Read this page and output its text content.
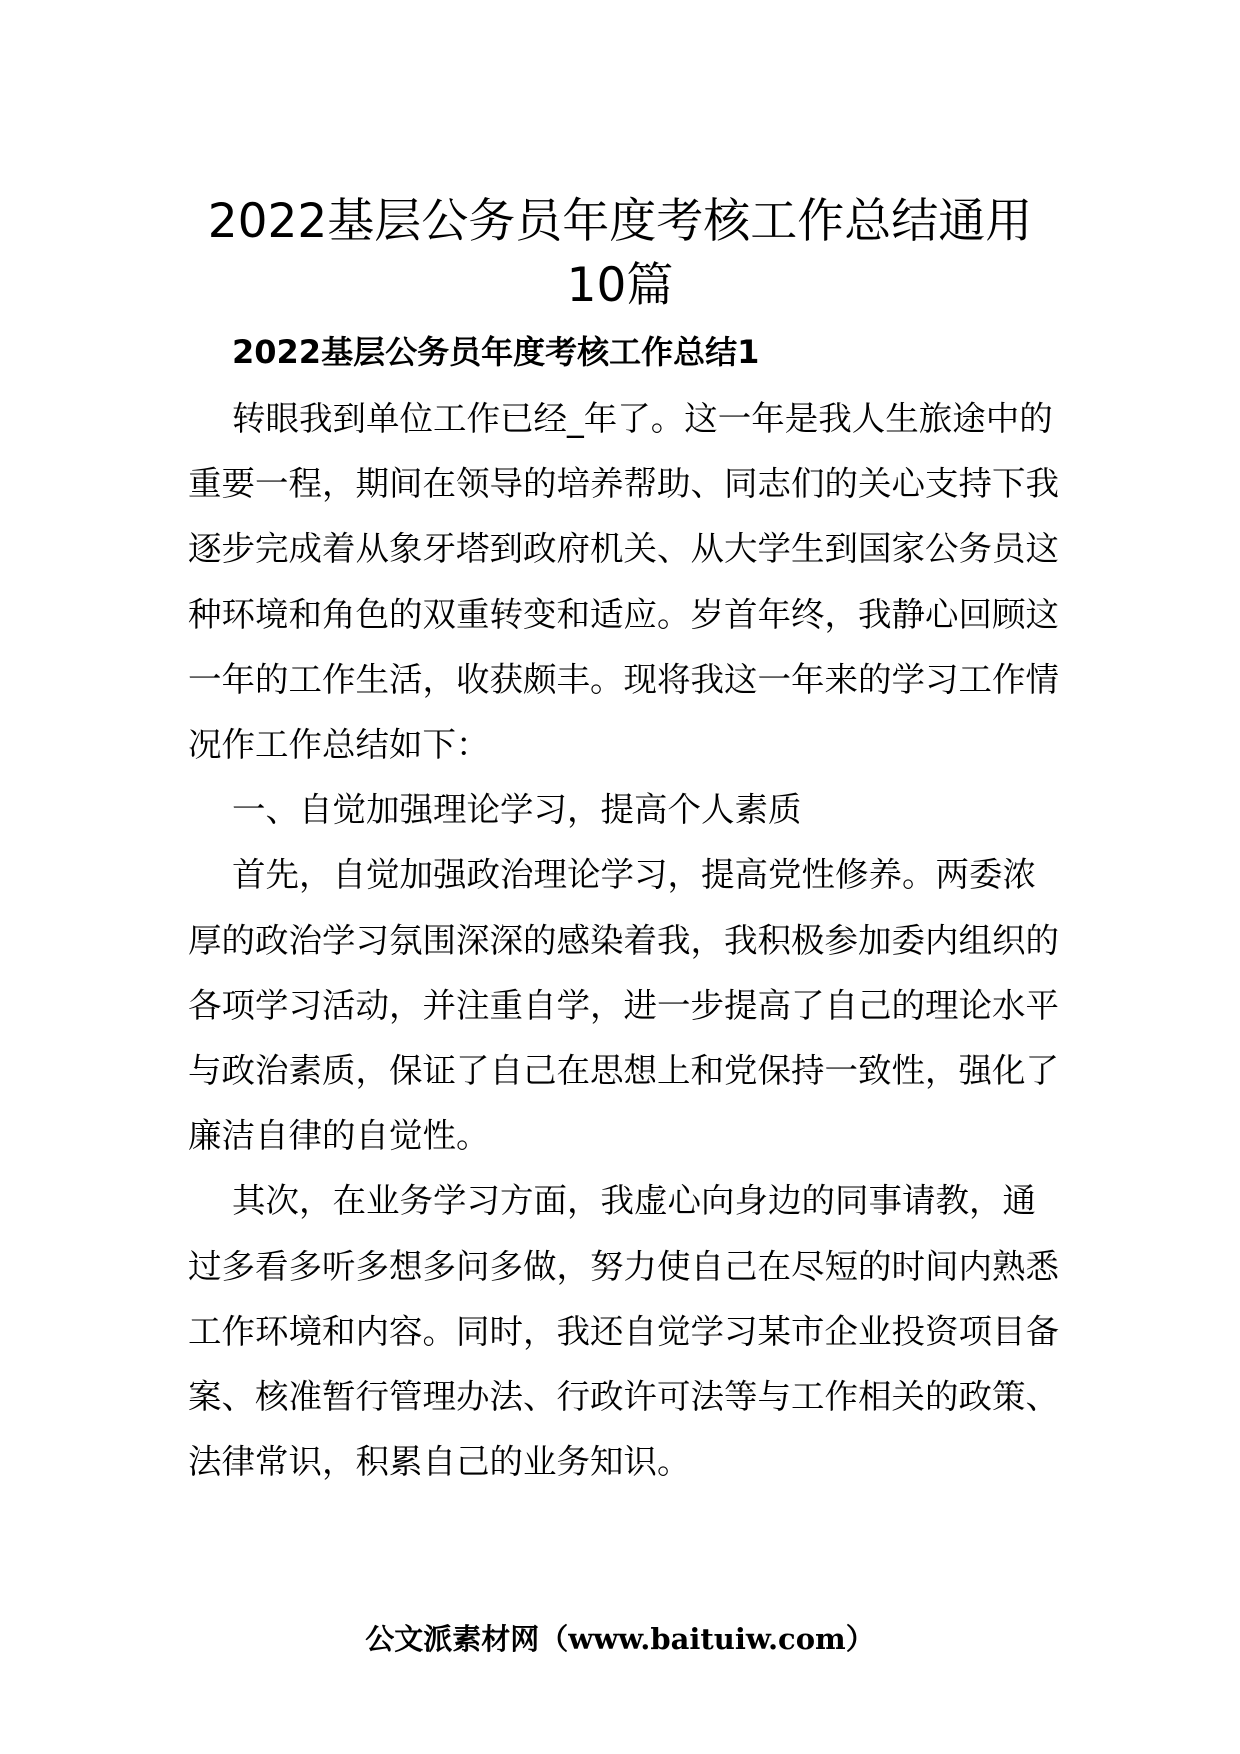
2022基层公务员年度考核工作总结通用10篇
2022基层公务员年度考核工作总结1

转眼我到单位工作已经_年了。这一年是我人生旅途中的重要一程，期间在领导的培养帮助、同志们的关心支持下我逐步完成着从象牙塔到政府机关、从大学生到国家公务员这种环境和角色的双重转变和适应。岁首年终，我静心回顾这一年的工作生活，收获颇丰。现将我这一年来的学习工作情况作工作总结如下：

一、自觉加强理论学习，提高个人素质

首先，自觉加强政治理论学习，提高党性修养。两委浓厚的政治学习氛围深深的感染着我，我积极参加委内组织的各项学习活动，并注重自学，进一步提高了自己的理论水平与政治素质，保证了自己在思想上和党保持一致性，强化了廉洁自律的自觉性。

其次，在业务学习方面，我虚心向身边的同事请教，通过多看多听多想多问多做，努力使自己在尽短的时间内熟悉工作环境和内容。同时，我还自觉学习某市企业投资项目备案、核准暂行管理办法、行政许可法等与工作相关的政策、法律常识，积累自己的业务知识。

公文派素材网（www.baituiw.com）
